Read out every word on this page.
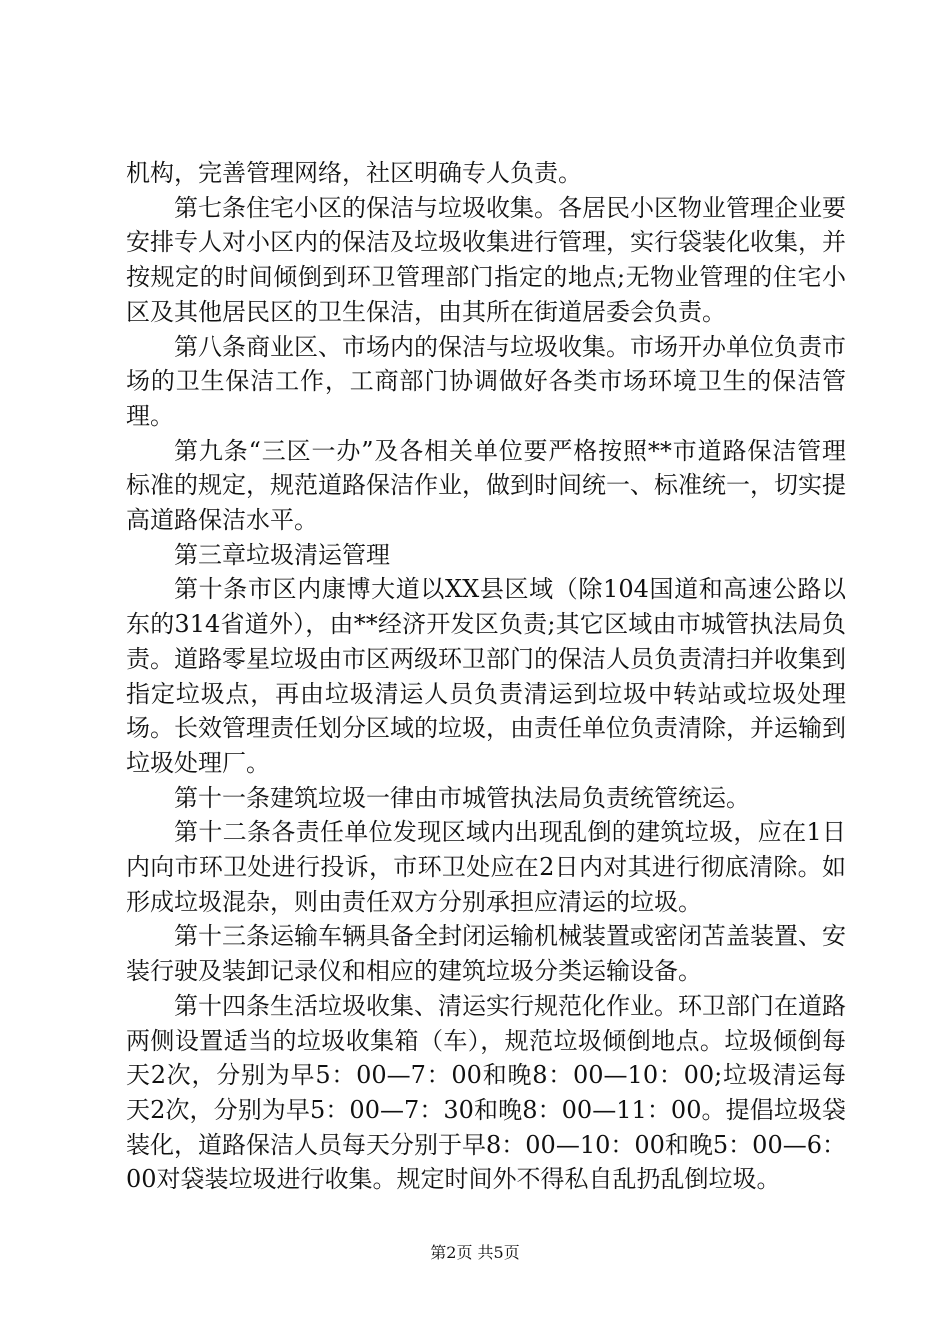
机构，完善管理网络，社区明确专人负责。

第七条住宅小区的保洁与垃圾收集。各居民小区物业管理企业要安排专人对小区内的保洁及垃圾收集进行管理，实行袋装化收集，并按规定的时间倾倒到环卫管理部门指定的地点;无物业管理的住宅小区及其他居民区的卫生保洁，由其所在街道居委会负责。

第八条商业区、市场内的保洁与垃圾收集。市场开办单位负责市场的卫生保洁工作，工商部门协调做好各类市场环境卫生的保洁管理。

第九条“三区一办”及各相关单位要严格按照**市道路保洁管理标准的规定，规范道路保洁作业，做到时间统一、标准统一，切实提高道路保洁水平。

第三章垃圾清运管理

第十条市区内康博大道以XX县区域（除104国道和高速公路以东的314省道外），由**经济开发区负责;其它区域由市城管执法局负责。道路零星垃圾由市区两级环卫部门的保洁人员负责清扫并收集到指定垃圾点，再由垃圾清运人员负责清运到垃圾中转站或垃圾处理场。长效管理责任划分区域的垃圾，由责任单位负责清除，并运输到垃圾处理厂。

第十一条建筑垃圾一律由市城管执法局负责统管统运。

第十二条各责任单位发现区域内出现乱倒的建筑垃圾，应在1日内向市环卫处进行投诉，市环卫处应在2日内对其进行彻底清除。如形成垃圾混杂，则由责任双方分别承担应清运的垃圾。

第十三条运输车辆具备全封闭运输机械装置或密闭苫盖装置、安装行驶及装卸记录仪和相应的建筑垃圾分类运输设备。

第十四条生活垃圾收集、清运实行规范化作业。环卫部门在道路两侧设置适当的垃圾收集箱（车），规范垃圾倾倒地点。垃圾倾倒每天2次，分别为早5：00—7：00和晚8：00—10：00;垃圾清运每天2次，分别为早5：00—7：30和晚8：00—11：00。提倡垃圾袋装化，道路保洁人员每天分别于早8：00—10：00和晚5：00—6：00对袋装垃圾进行收集。规定时间外不得私自乱扔乱倒垃圾。

第2页 共5页
